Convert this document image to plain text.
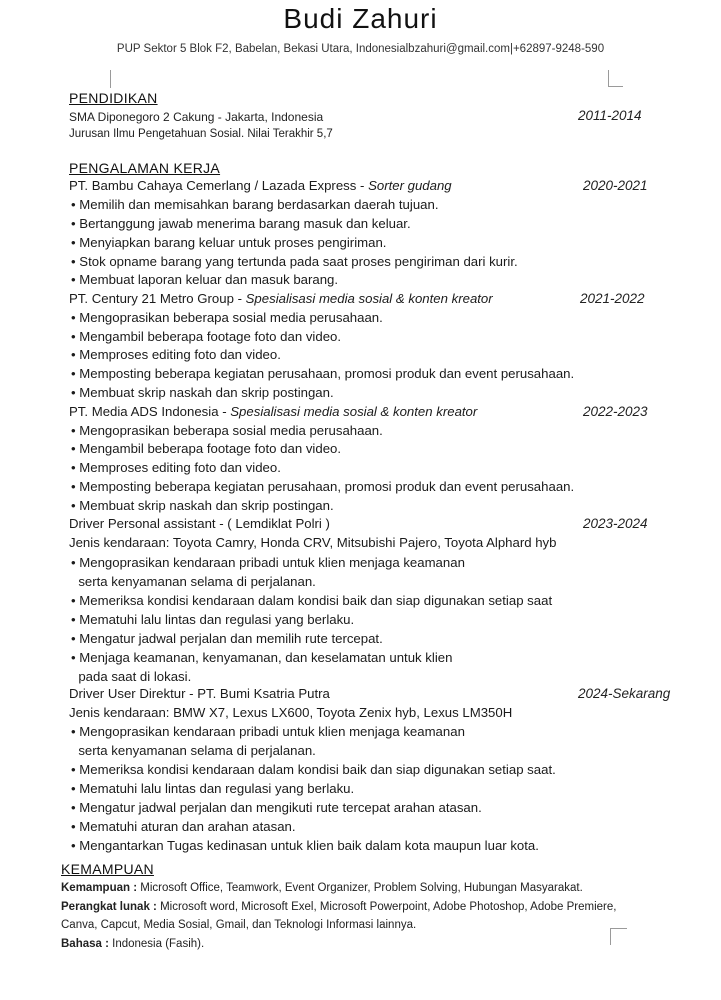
Budi Zahuri
PUP Sektor 5 Blok F2, Babelan, Bekasi Utara, Indonesialbzahuri@gmail.com|+62897-9248-590
PENDIDIKAN
SMA Diponegoro 2 Cakung - Jakarta, Indonesia	2011-2014
Jurusan Ilmu Pengetahuan Sosial. Nilai Terakhir 5,7
PENGALAMAN KERJA
PT. Bambu Cahaya Cemerlang / Lazada Express - Sorter gudang	2020-2021
• Memilih dan memisahkan barang berdasarkan daerah tujuan.
• Bertanggung jawab menerima barang masuk dan keluar.
• Menyiapkan barang keluar untuk proses pengiriman.
• Stok opname barang yang tertunda pada saat proses pengiriman dari kurir.
• Membuat laporan keluar dan masuk barang.
PT. Century 21 Metro Group - Spesialisasi media sosial & konten kreator	2021-2022
• Mengoprasikan beberapa sosial media perusahaan.
• Mengambil beberapa footage foto dan video.
• Memproses editing foto dan video.
• Memposting beberapa kegiatan perusahaan, promosi produk dan event perusahaan.
• Membuat skrip naskah dan skrip postingan.
PT. Media ADS Indonesia - Spesialisasi media sosial & konten kreator	2022-2023
• Mengoprasikan beberapa sosial media perusahaan.
• Mengambil beberapa footage foto dan video.
• Memproses editing foto dan video.
• Memposting beberapa kegiatan perusahaan, promosi produk dan event perusahaan.
• Membuat skrip naskah dan skrip postingan.
Driver Personal assistant - ( Lemdiklat Polri )	2023-2024
Jenis kendaraan: Toyota Camry, Honda CRV, Mitsubishi Pajero, Toyota Alphard hyb
• Mengoprasikan kendaraan pribadi untuk klien menjaga keamanan
serta kenyamanan selama di perjalanan.
• Memeriksa kondisi kendaraan dalam kondisi baik dan siap digunakan setiap saat
• Mematuhi lalu lintas dan regulasi yang berlaku.
• Mengatur jadwal perjalan dan memilih rute tercepat.
• Menjaga keamanan, kenyamanan, dan keselamatan untuk klien
pada saat di lokasi.
Driver User Direktur - PT. Bumi Ksatria Putra	2024-Sekarang
Jenis kendaraan: BMW X7, Lexus LX600, Toyota Zenix hyb, Lexus LM350H
• Mengoprasikan kendaraan pribadi untuk klien menjaga keamanan
serta kenyamanan selama di perjalanan.
• Memeriksa kondisi kendaraan dalam kondisi baik dan siap digunakan setiap saat.
• Mematuhi lalu lintas dan regulasi yang berlaku.
• Mengatur jadwal perjalan dan mengikuti rute tercepat arahan atasan.
• Mematuhi aturan dan arahan atasan.
• Mengantarkan Tugas kedinasan untuk klien baik dalam kota maupun luar kota.
KEMAMPUAN
Kemampuan : Microsoft Office, Teamwork, Event Organizer, Problem Solving, Hubungan Masyarakat.
Perangkat lunak : Microsoft word, Microsoft Exel, Microsoft Powerpoint, Adobe Photoshop, Adobe Premiere,
Canva, Capcut, Media Sosial, Gmail, dan Teknologi Informasi lainnya.
Bahasa : Indonesia (Fasih).
